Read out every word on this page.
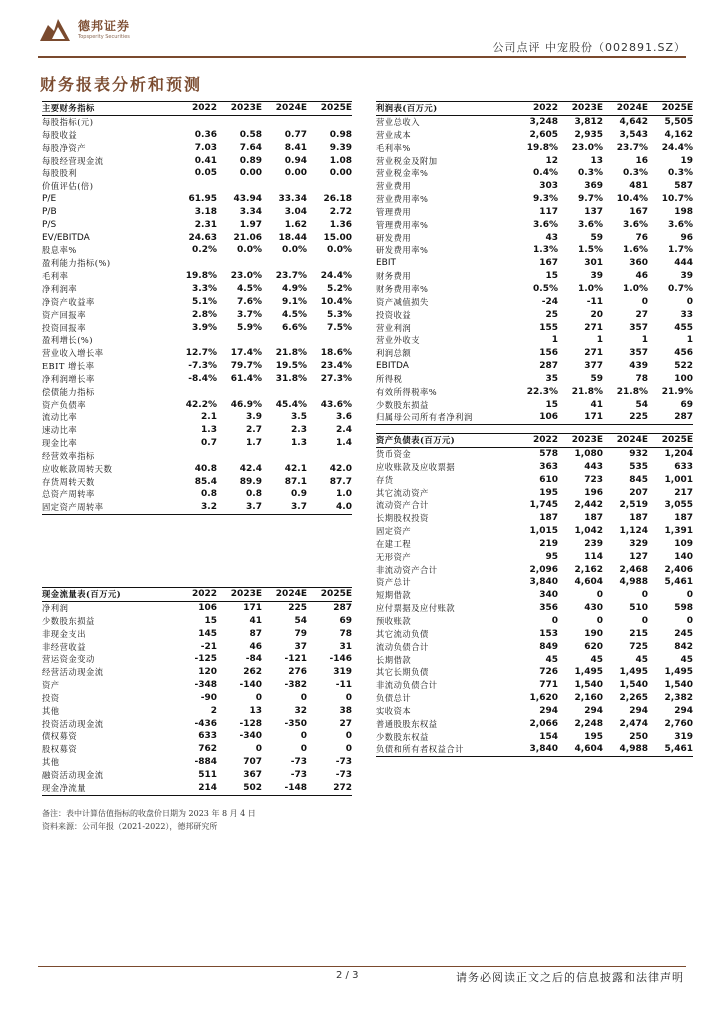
德邦证券
Topsperity Securities
公司点评 中宠股份（002891.SZ）
财务报表分析和预测
主要财务指标	2022	2023E	2024E	2025E
每股指标(元)				
每股收益	0.36	0.58	0.77	0.98
每股净资产	7.03	7.64	8.41	9.39
每股经营现金流	0.41	0.89	0.94	1.08
每股股利	0.05	0.00	0.00	0.00
价值评估(倍)				
P/E	61.95	43.94	33.34	26.18
P/B	3.18	3.34	3.04	2.72
P/S	2.31	1.97	1.62	1.36
EV/EBITDA	24.63	21.06	18.44	15.00
股息率%	0.2%	0.0%	0.0%	0.0%
盈利能力指标(%)				
毛利率	19.8%	23.0%	23.7%	24.4%
净利润率	3.3%	4.5%	4.9%	5.2%
净资产收益率	5.1%	7.6%	9.1%	10.4%
资产回报率	2.8%	3.7%	4.5%	5.3%
投资回报率	3.9%	5.9%	6.6%	7.5%
盈利增长(%)				
营业收入增长率	12.7%	17.4%	21.8%	18.6%
EBIT 增长率	-7.3%	79.7%	19.5%	23.4%
净利润增长率	-8.4%	61.4%	31.8%	27.3%
偿债能力指标				
资产负债率	42.2%	46.9%	45.4%	43.6%
流动比率	2.1	3.9	3.5	3.6
速动比率	1.3	2.7	2.3	2.4
现金比率	0.7	1.7	1.3	1.4
经营效率指标				
应收帐款周转天数	40.8	42.4	42.1	42.0
存货周转天数	85.4	89.9	87.1	87.7
总资产周转率	0.8	0.8	0.9	1.0
固定资产周转率	3.2	3.7	3.7	4.0
利润表(百万元)	2022	2023E	2024E	2025E
营业总收入	3,248	3,812	4,642	5,505
营业成本	2,605	2,935	3,543	4,162
毛利率%	19.8%	23.0%	23.7%	24.4%
营业税金及附加	12	13	16	19
营业税金率%	0.4%	0.3%	0.3%	0.3%
营业费用	303	369	481	587
营业费用率%	9.3%	9.7%	10.4%	10.7%
管理费用	117	137	167	198
管理费用率%	3.6%	3.6%	3.6%	3.6%
研发费用	43	59	76	96
研发费用率%	1.3%	1.5%	1.6%	1.7%
EBIT	167	301	360	444
财务费用	15	39	46	39
财务费用率%	0.5%	1.0%	1.0%	0.7%
资产减值损失	-24	-11	0	0
投资收益	25	20	27	33
营业利润	155	271	357	455
营业外收支	1	1	1	1
利润总额	156	271	357	456
EBITDA	287	377	439	522
所得税	35	59	78	100
有效所得税率%	22.3%	21.8%	21.8%	21.9%
少数股东损益	15	41	54	69
归属母公司所有者净利润	106	171	225	287
资产负债表(百万元)	2022	2023E	2024E	2025E
货币资金	578	1,080	932	1,204
应收账款及应收票据	363	443	535	633
存货	610	723	845	1,001
其它流动资产	195	196	207	217
流动资产合计	1,745	2,442	2,519	3,055
长期股权投资	187	187	187	187
固定资产	1,015	1,042	1,124	1,391
在建工程	219	239	329	109
无形资产	95	114	127	140
非流动资产合计	2,096	2,162	2,468	2,406
资产总计	3,840	4,604	4,988	5,461
短期借款	340	0	0	0
应付票据及应付账款	356	430	510	598
预收账款	0	0	0	0
其它流动负债	153	190	215	245
流动负债合计	849	620	725	842
长期借款	45	45	45	45
其它长期负债	726	1,495	1,495	1,495
非流动负债合计	771	1,540	1,540	1,540
负债总计	1,620	2,160	2,265	2,382
实收资本	294	294	294	294
普通股股东权益	2,066	2,248	2,474	2,760
少数股东权益	154	195	250	319
负债和所有者权益合计	3,840	4,604	4,988	5,461
现金流量表(百万元)	2022	2023E	2024E	2025E
净利润	106	171	225	287
少数股东损益	15	41	54	69
非现金支出	145	87	79	78
非经营收益	-21	46	37	31
营运资金变动	-125	-84	-121	-146
经营活动现金流	120	262	276	319
资产	-348	-140	-382	-11
投资	-90	0	0	0
其他	2	13	32	38
投资活动现金流	-436	-128	-350	27
债权募资	633	-340	0	0
股权募资	762	0	0	0
其他	-884	707	-73	-73
融资活动现金流	511	367	-73	-73
现金净流量	214	502	-148	272
备注：表中计算估值指标的收盘价日期为 2023 年 8 月 4 日
资料来源：公司年报（2021-2022），德邦研究所
2 / 3	请务必阅读正文之后的信息披露和法律声明
